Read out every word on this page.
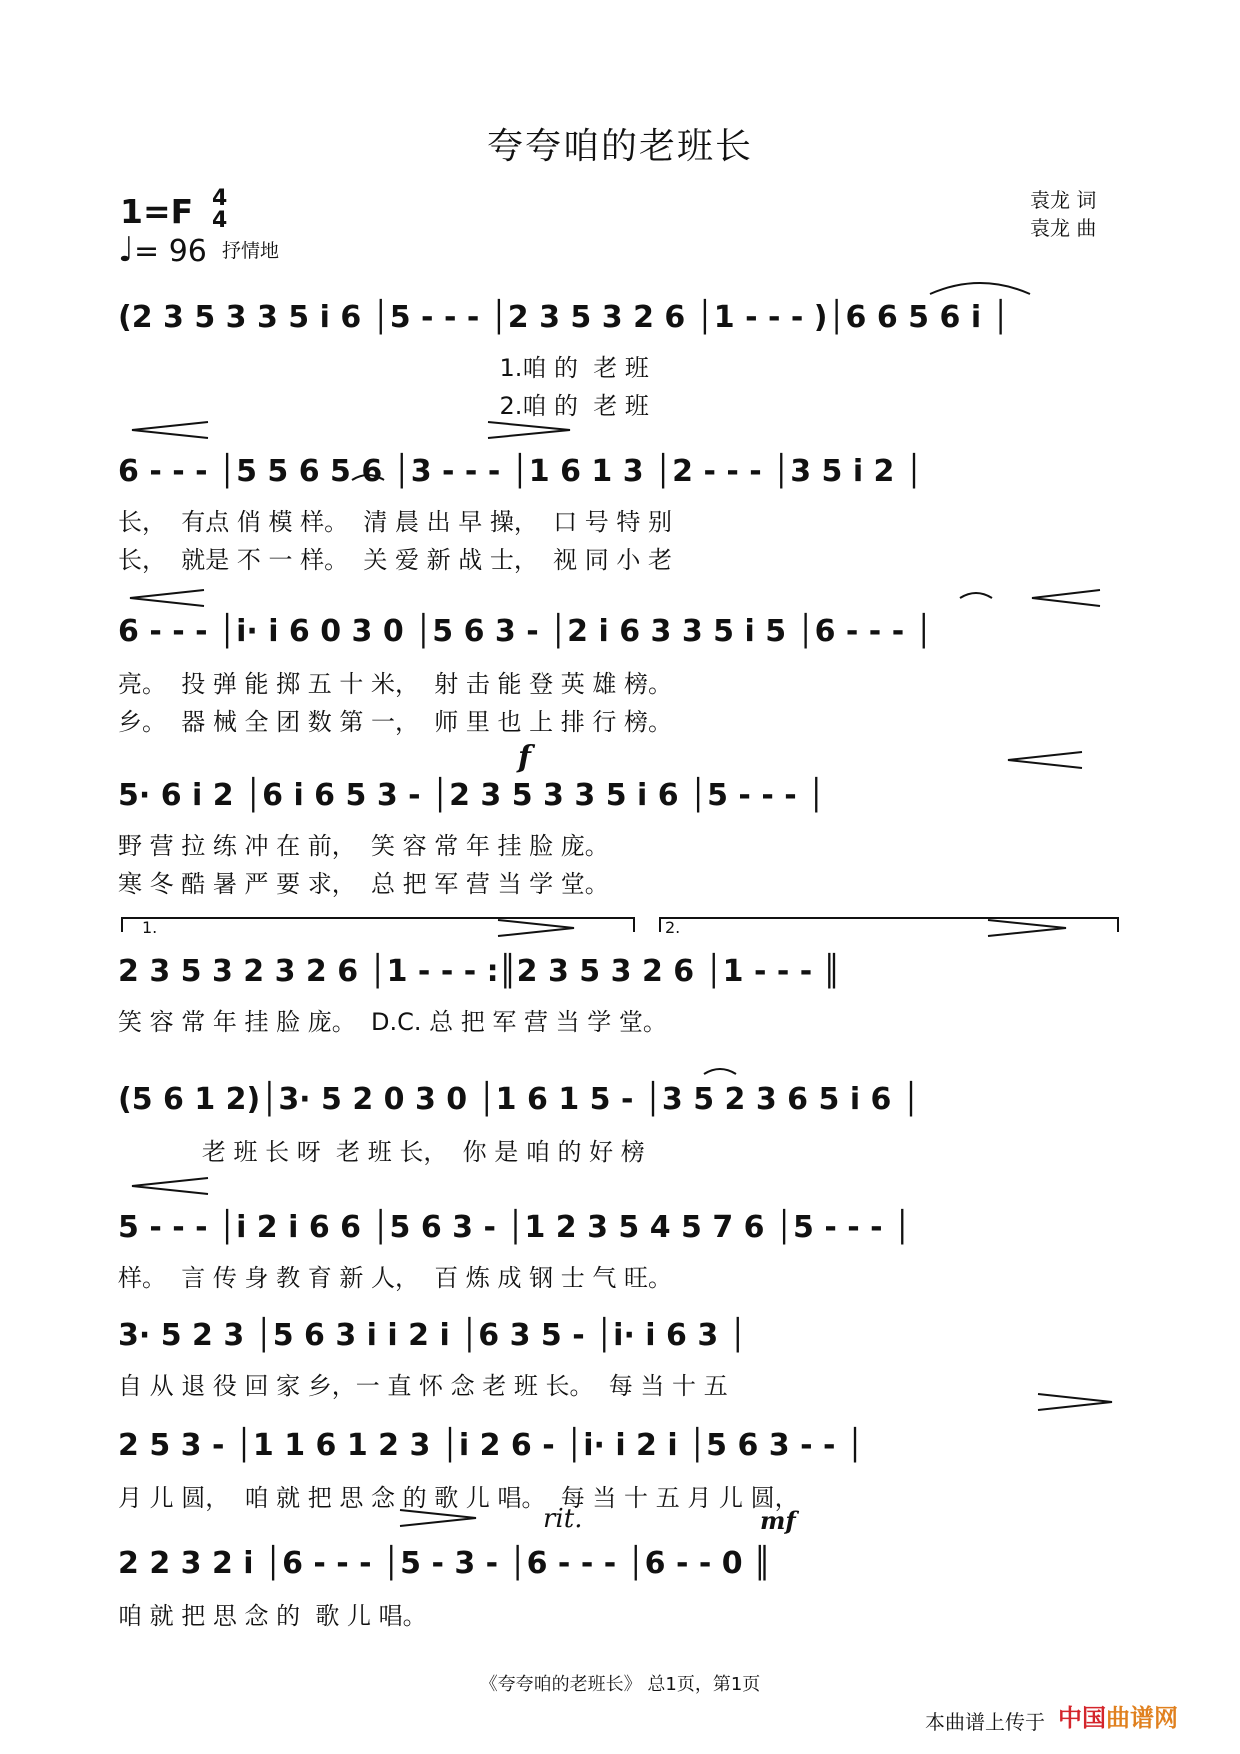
夸夸咱的老班长
1=F 4
4
♩= 96 抒情地
袁龙 词
袁龙 曲
(2 3 5 3 3 5 i 6 │5 - - - │2 3 5 3 2 6 │1 - - - )│6 6 5 6 i │
1.咱 的  老 班
2.咱 的  老 班
6 - - - │5 5 6 5 6 │3 - - - │1 6 1 3 │2 - - - │3 5 i 2 │
长，  有点 俏 模 样。  清 晨 出 早 操，  口 号 特 别
长，  就是 不 一 样。  关 爱 新 战 士，  视 同 小 老
6 - - - │i· i 6 0 3 0 │5 6 3 - │2 i 6 3 3 5 i 5 │6 - - - │
亮。  投 弹 能 掷 五 十 米，  射 击 能 登 英 雄 榜。
乡。  器 械 全 团 数 第 一，  师 里 也 上 排 行 榜。
f
5· 6 i 2 │6 i 6 5 3 - │2 3 5 3 3 5 i 6 │5 - - - │
野 营 拉 练 冲 在 前，  笑 容 常 年 挂 脸 庞。
寒 冬 酷 暑 严 要 求，  总 把 军 营 当 学 堂。
1.	2.
2 3 5 3 2 3 2 6 │1 - - - :║2 3 5 3 2 6 │1 - - - ║
笑 容 常 年 挂 脸 庞。  D.C. 总 把 军 营 当 学 堂。
(5 6 1 2)│3· 5 2 0 3 0 │1 6 1 5 - │3 5 2 3 6 5 i 6 │
老 班 长 呀  老 班 长，  你 是 咱 的 好 榜
5 - - - │i 2 i 6 6 │5 6 3 - │1 2 3 5 4 5 7 6 │5 - - - │
样。  言 传 身 教 育 新 人，  百 炼 成 钢 士 气 旺。
3· 5 2 3 │5 6 3 i i 2 i │6 3 5 - │i· i 6 3 │
自 从 退 役 回 家 乡，一 直 怀 念 老 班 长。  每 当 十 五
2 5 3 - │1 1 6 1 2 3 │i 2 6 - │i· i 2 i │5 6 3 - - │
月 儿 圆，  咱 就 把 思 念 的 歌 儿 唱。  每 当 十 五 月 儿 圆，
rit.	mf
2 2 3 2 i │6 - - - │5 - 3 - │6 - - - │6 - - 0 ║
咱 就 把 思 念 的  歌 儿 唱。
《夸夸咱的老班长》 总1页，第1页
本曲谱上传于 中国曲谱网
